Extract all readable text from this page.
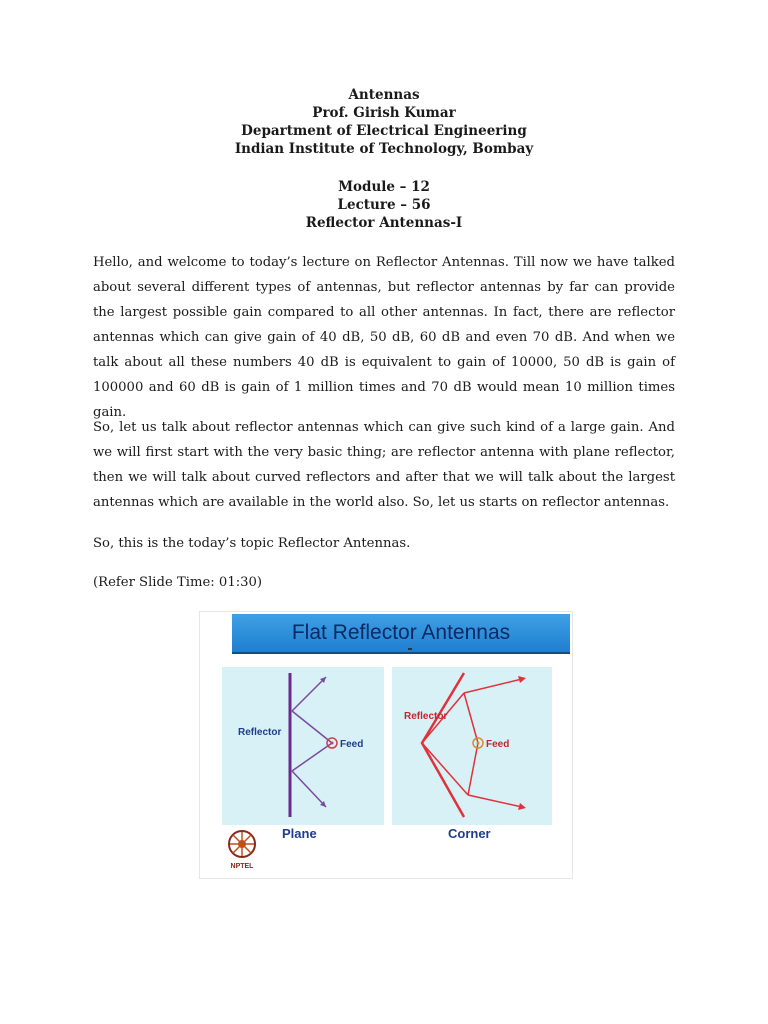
Antennas
Prof. Girish Kumar
Department of Electrical Engineering
Indian Institute of Technology, Bombay
Module – 12
Lecture – 56
Reflector Antennas-I

Hello, and welcome to today’s lecture on Reflector Antennas. Till now we have talked about several different types of antennas, but reflector antennas by far can provide the largest possible gain compared to all other antennas. In fact, there are reflector antennas which can give gain of 40 dB, 50 dB, 60 dB and even 70 dB. And when we talk about all these numbers 40 dB is equivalent to gain of 10000, 50 dB is gain of 100000 and 60 dB is gain of 1 million times and 70 dB would mean 10 million times gain.

So, let us talk about reflector antennas which can give such kind of a large gain. And we will first start with the very basic thing; are reflector antenna with plane reflector, then we will talk about curved reflectors and after that we will talk about the largest antennas which are available in the world also. So, let us starts on reflector antennas.

So, this is the today’s topic Reflector Antennas.

(Refer Slide Time: 01:30)

Flat Reflector Antennas
Reflector
Feed
Reflector
Feed
NPTEL
Plane	Corner
